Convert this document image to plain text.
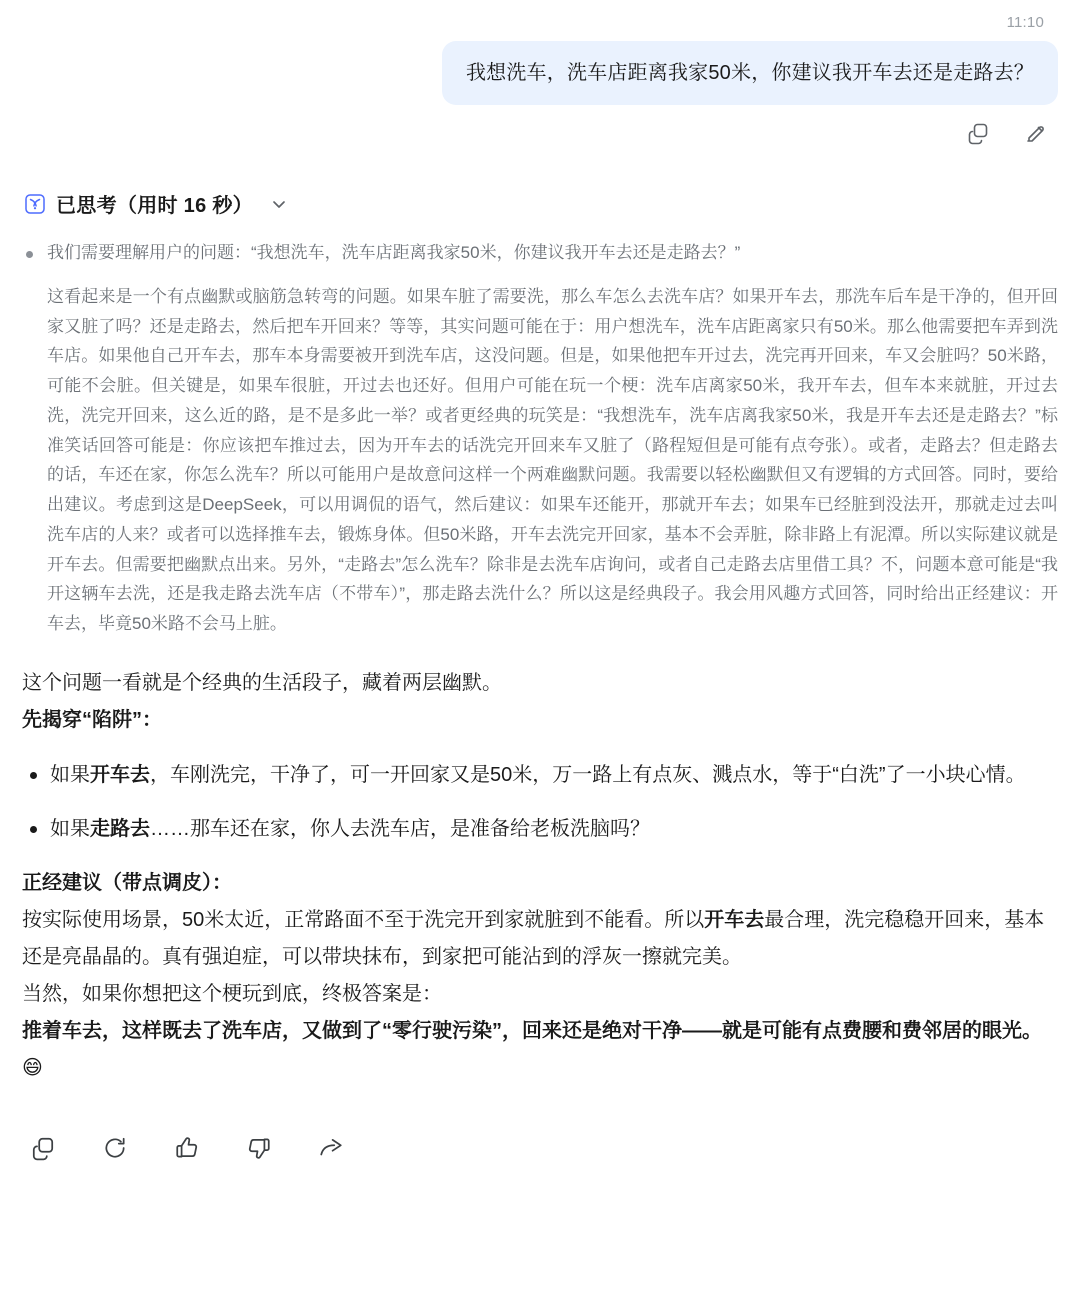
11:10
我想洗车，洗车店距离我家50米，你建议我开车去还是走路去？
已思考（用时 16 秒）
我们需要理解用户的问题：“我想洗车，洗车店距离我家50米，你建议我开车去还是走路去？”
这看起来是一个有点幽默或脑筋急转弯的问题。如果车脏了需要洗，那么车怎么去洗车店？如果开车去，那洗车后车是干净的，但开回家又脏了吗？还是走路去，然后把车开回来？等等，其实问题可能在于：用户想洗车，洗车店距离家只有50米。那么他需要把车弄到洗车店。如果他自己开车去，那车本身需要被开到洗车店，这没问题。但是，如果他把车开过去，洗完再开回来，车又会脏吗？50米路，可能不会脏。但关键是，如果车很脏，开过去也还好。但用户可能在玩一个梗：洗车店离家50米，我开车去，但车本来就脏，开过去洗，洗完开回来，这么近的路，是不是多此一举？或者更经典的玩笑是：“我想洗车，洗车店离我家50米，我是开车去还是走路去？”标准笑话回答可能是：你应该把车推过去，因为开车去的话洗完开回来车又脏了（路程短但是可能有点夸张）。或者，走路去？但走路去的话，车还在家，你怎么洗车？所以可能用户是故意问这样一个两难幽默问题。我需要以轻松幽默但又有逻辑的方式回答。同时，要给出建议。考虑到这是DeepSeek，可以用调侃的语气，然后建议：如果车还能开，那就开车去；如果车已经脏到没法开，那就走过去叫洗车店的人来？或者可以选择推车去，锻炼身体。但50米路，开车去洗完开回家，基本不会弄脏，除非路上有泥潭。所以实际建议就是开车去。但需要把幽默点出来。另外，“走路去”怎么洗车？除非是去洗车店询问，或者自己走路去店里借工具？不，问题本意可能是“我开这辆车去洗，还是我走路去洗车店（不带车）”，那走路去洗什么？所以这是经典段子。我会用风趣方式回答，同时给出正经建议：开车去，毕竟50米路不会马上脏。

这个问题一看就是个经典的生活段子，藏着两层幽默。

先揭穿“陷阱”：

如果开车去，车刚洗完，干净了，可一开回家又是50米，万一路上有点灰、溅点水，等于“白洗”了一小块心情。
如果走路去……那车还在家，你人去洗车店，是准备给老板洗脑吗？

正经建议（带点调皮）：

按实际使用场景，50米太近，正常路面不至于洗完开到家就脏到不能看。所以开车去最合理，洗完稳稳开回来，基本还是亮晶晶的。真有强迫症，可以带块抹布，到家把可能沾到的浮灰一擦就完美。

当然，如果你想把这个梗玩到底，终极答案是：

推着车去，这样既去了洗车店，又做到了“零行驶污染”，回来还是绝对干净——就是可能有点费腰和费邻居的眼光。 😄
